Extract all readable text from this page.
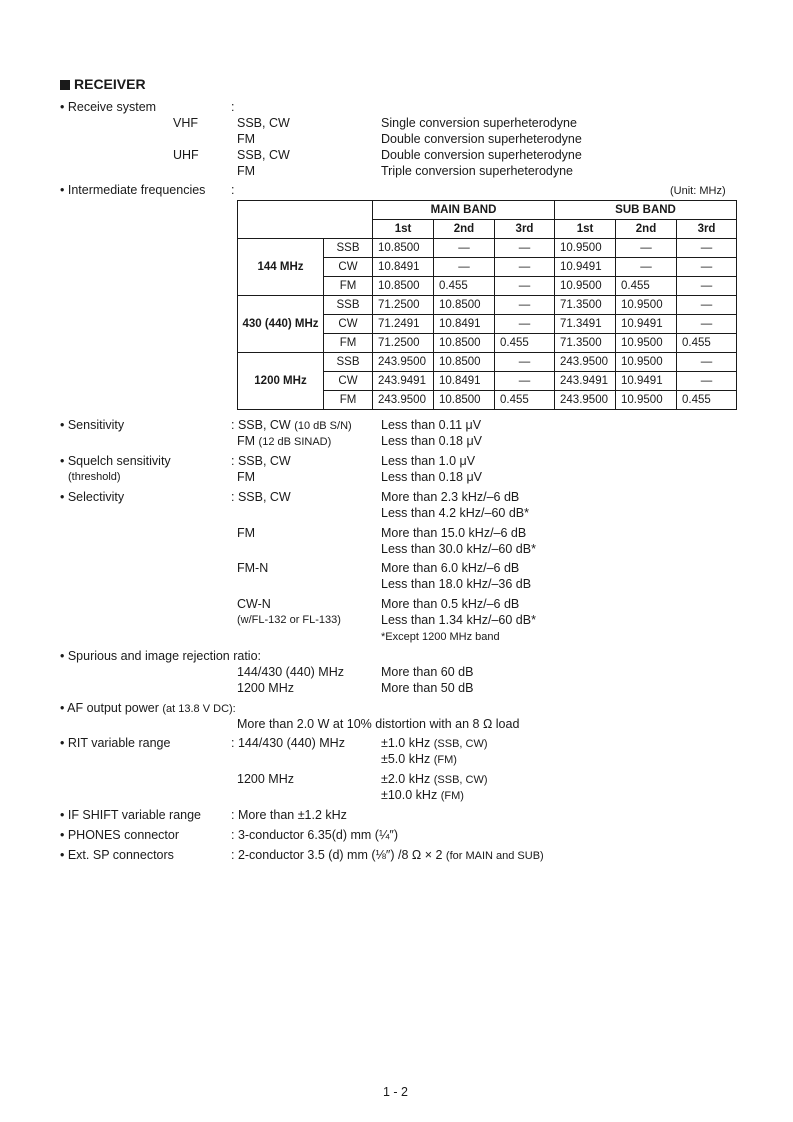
RECEIVER
• Receive system	:
VHF	SSB, CW	Single conversion superheterodyne
FM	Double conversion superheterodyne
UHF	SSB, CW	Double conversion superheterodyne
FM	Triple conversion superheterodyne
• Intermediate frequencies :	(Unit: MHz)
		MAIN BAND			SUB BAND		
		1st	2nd	3rd	1st	2nd	3rd
144 MHz	SSB	10.8500	—	—	10.9500	—	—
	CW	10.8491	—	—	10.9491	—	—
	FM	10.8500	0.455	—	10.9500	0.455	—
430 (440) MHz	SSB	71.2500	10.8500	—	71.3500	10.9500	—
	CW	71.2491	10.8491	—	71.3491	10.9491	—
	FM	71.2500	10.8500	0.455	71.3500	10.9500	0.455
1200 MHz	SSB	243.9500	10.8500	—	243.9500	10.9500	—
	CW	243.9491	10.8491	—	243.9491	10.9491	—
	FM	243.9500	10.8500	0.455	243.9500	10.9500	0.455
• Sensitivity	: SSB, CW (10 dB S/N) Less than 0.11 μV
FM (12 dB SINAD)	Less than 0.18 μV
• Squelch sensitivity
(threshold)
: SSB, CW	Less than 1.0 μV
FM	Less than 0.18 μV
• Selectivity	: SSB, CW	More than 2.3 kHz/–6 dB
Less than 4.2 kHz/–60 dB*
FM	More than 15.0 kHz/–6 dB
Less than 30.0 kHz/–60 dB*
FM-N	More than 6.0 kHz/–6 dB
Less than 18.0 kHz/–36 dB
CW-N
(w/FL-132 or FL-133)
More than 0.5 kHz/–6 dB
Less than 1.34 kHz/–60 dB*
*Except 1200 MHz band
• Spurious and image rejection ratio:
144/430 (440) MHz	More than 60 dB
1200 MHz	More than 50 dB
• AF output power (at 13.8 V DC):
More than 2.0 W at 10% distortion with an 8 Ω load
• RIT variable range	: 144/430 (440) MHz	±1.0 kHz (SSB, CW)
±5.0 kHz (FM)
1200 MHz	±2.0 kHz (SSB, CW)
±10.0 kHz (FM)
• IF SHIFT variable range : More than ±1.2 kHz
• PHONES connector	: 3-conductor 6.35(d) mm (¼″)
• Ext. SP connectors	: 2-conductor 3.5 (d) mm (⅛″) /8 Ω × 2 (for MAIN and SUB)
1 - 2
